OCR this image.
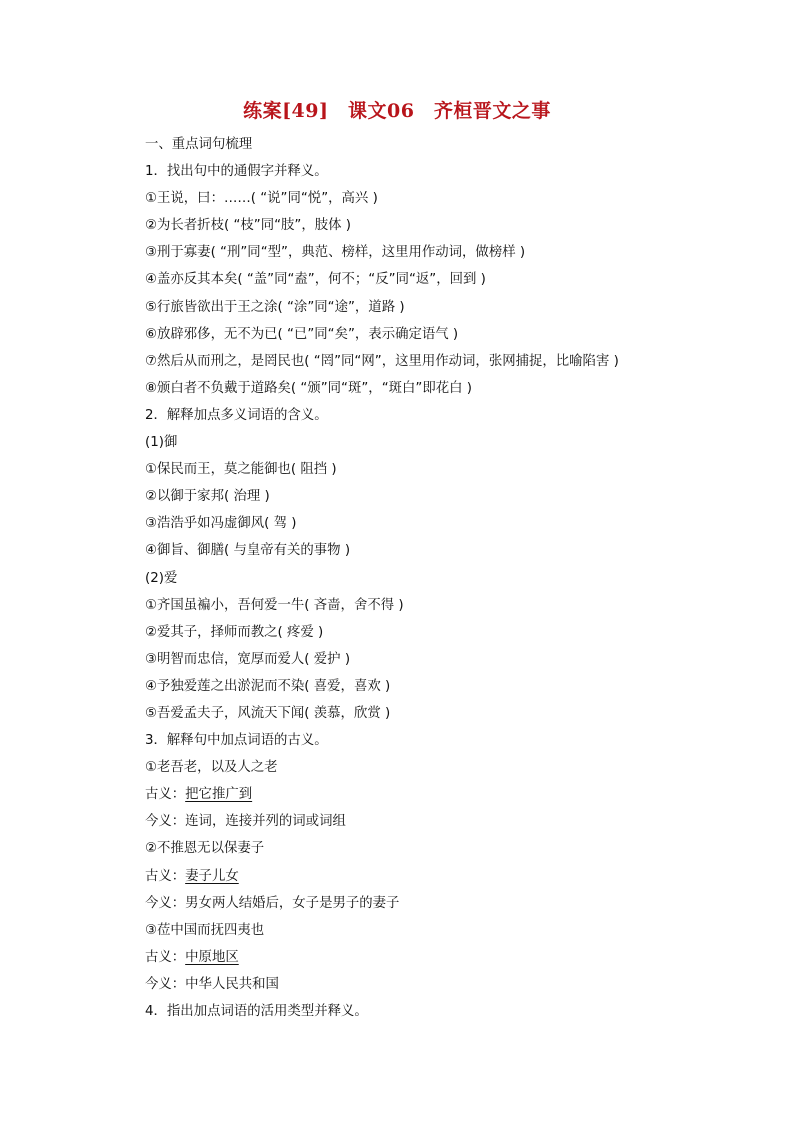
练案[49]　课文06　齐桓晋文之事
一、重点词句梳理
1．找出句中的通假字并释义。
①王说，曰：……( “说”同“悦”，高兴 )
②为长者折枝( “枝”同“肢”，肢体 )
③刑于寡妻( “刑”同“型”，典范、榜样，这里用作动词，做榜样 )
④盖亦反其本矣( “盖”同“盍”，何不；“反”同“返”，回到 )
⑤行旅皆欲出于王之涂( “涂”同“途”，道路 )
⑥放辟邪侈，无不为已( “已”同“矣”，表示确定语气 )
⑦然后从而刑之，是罔民也( “罔”同“网”，这里用作动词，张网捕捉，比喻陷害 )
⑧颁白者不负戴于道路矣( “颁”同“斑”，“斑白”即花白 )
2．解释加点多义词语的含义。
(1)御
①保民而王，莫之能御也( 阻挡 )
②以御于家邦( 治理 )
③浩浩乎如冯虚御风( 驾 )
④御旨、御膳( 与皇帝有关的事物 )
(2)爱
①齐国虽褊小，吾何爱一牛( 吝啬，舍不得 )
②爱其子，择师而教之( 疼爱 )
③明智而忠信，宽厚而爱人( 爱护 )
④予独爱莲之出淤泥而不染( 喜爱，喜欢 )
⑤吾爱孟夫子，风流天下闻( 羡慕，欣赏 )
3．解释句中加点词语的古义。
①老吾老，以及人之老
古义：把它推广到
今义：连词，连接并列的词或词组
②不推恩无以保妻子
古义：妻子儿女
今义：男女两人结婚后，女子是男子的妻子
③莅中国而抚四夷也
古义：中原地区
今义：中华人民共和国
4．指出加点词语的活用类型并释义。
